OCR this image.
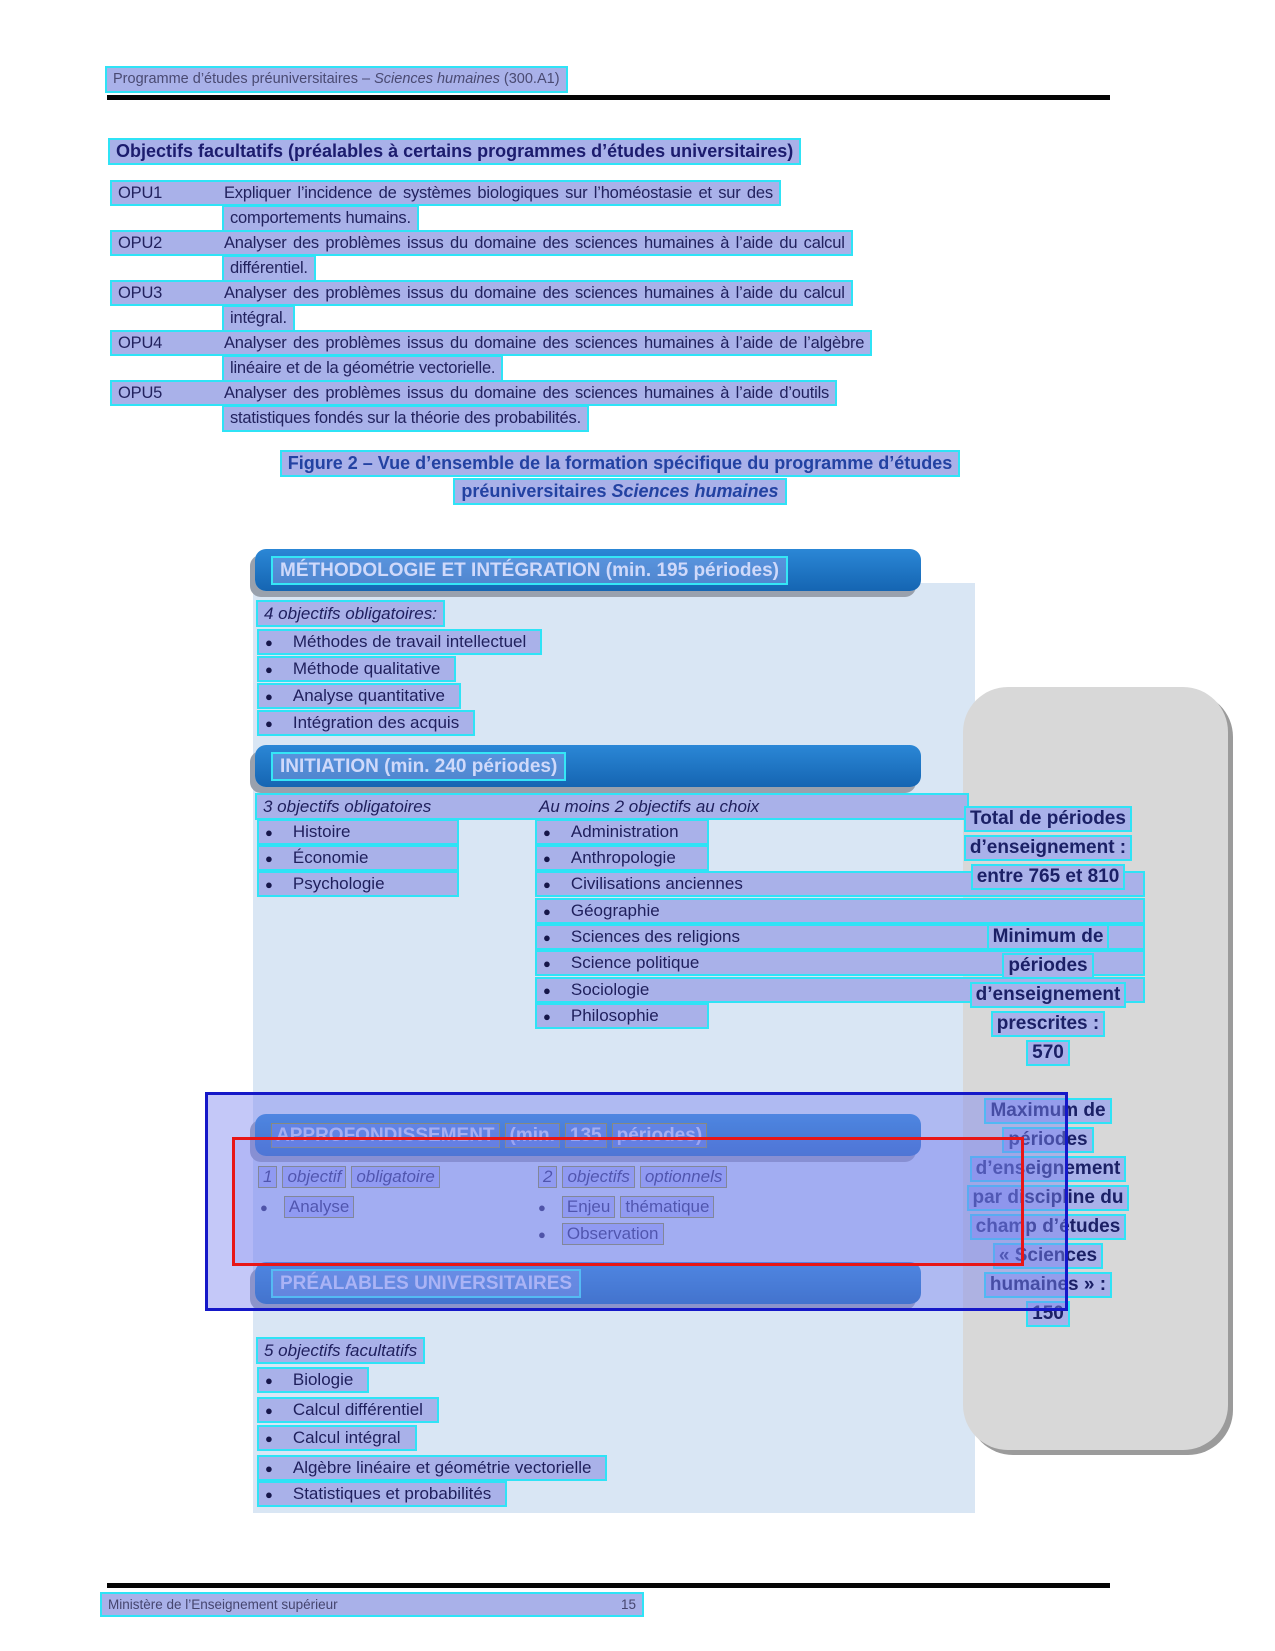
Programme d’études préuniversitaires – Sciences humaines (300.A1)
Objectifs facultatifs (préalables à certains programmes d’études universitaires)
OPU1	Expliquer l’incidence de systèmes biologiques sur l’homéostasie et sur des
comportements humains.
OPU2	Analyser des problèmes issus du domaine des sciences humaines à l’aide du calcul
différentiel.
OPU3	Analyser des problèmes issus du domaine des sciences humaines à l’aide du calcul
intégral.
OPU4	Analyser des problèmes issus du domaine des sciences humaines à l’aide de l’algèbre
linéaire et de la géométrie vectorielle.
OPU5	Analyser des problèmes issus du domaine des sciences humaines à l’aide d’outils
statistiques fondés sur la théorie des probabilités.
Figure 2 – Vue d’ensemble de la formation spécifique du programme d’études
préuniversitaires Sciences humaines
MÉTHODOLOGIE ET INTÉGRATION (min. 195 périodes)
4 objectifs obligatoires:
● Méthodes de travail intellectuel
● Méthode qualitative
● Analyse quantitative
● Intégration des acquis
INITIATION (min. 240 périodes)
3 objectifs obligatoires	Au moins 2 objectifs au choix
● Histoire
● Économie
● Psychologie
● Administration
● Anthropologie
● Civilisations anciennes
● Géographie
● Sciences des religions
● Science politique
● Sociologie
● Philosophie
APPROFONDISSEMENT (min. 135 périodes)
1 objectif obligatoire	2 objectifs optionnels
● Analyse	● Enjeu thématique
● Observation
PRÉALABLES UNIVERSITAIRES
5 objectifs facultatifs
● Biologie
● Calcul différentiel
● Calcul intégral
● Algèbre linéaire et géométrie vectorielle
● Statistiques et probabilités
Total de périodes
d’enseignement :
entre 765 et 810
Minimum de
périodes
d’enseignement
prescrites :
570
Maximum de
périodes
d’enseignement
par discipline du
champ d’études
« Sciences
humaines » :
150
Ministère de l’Enseignement supérieur	15
